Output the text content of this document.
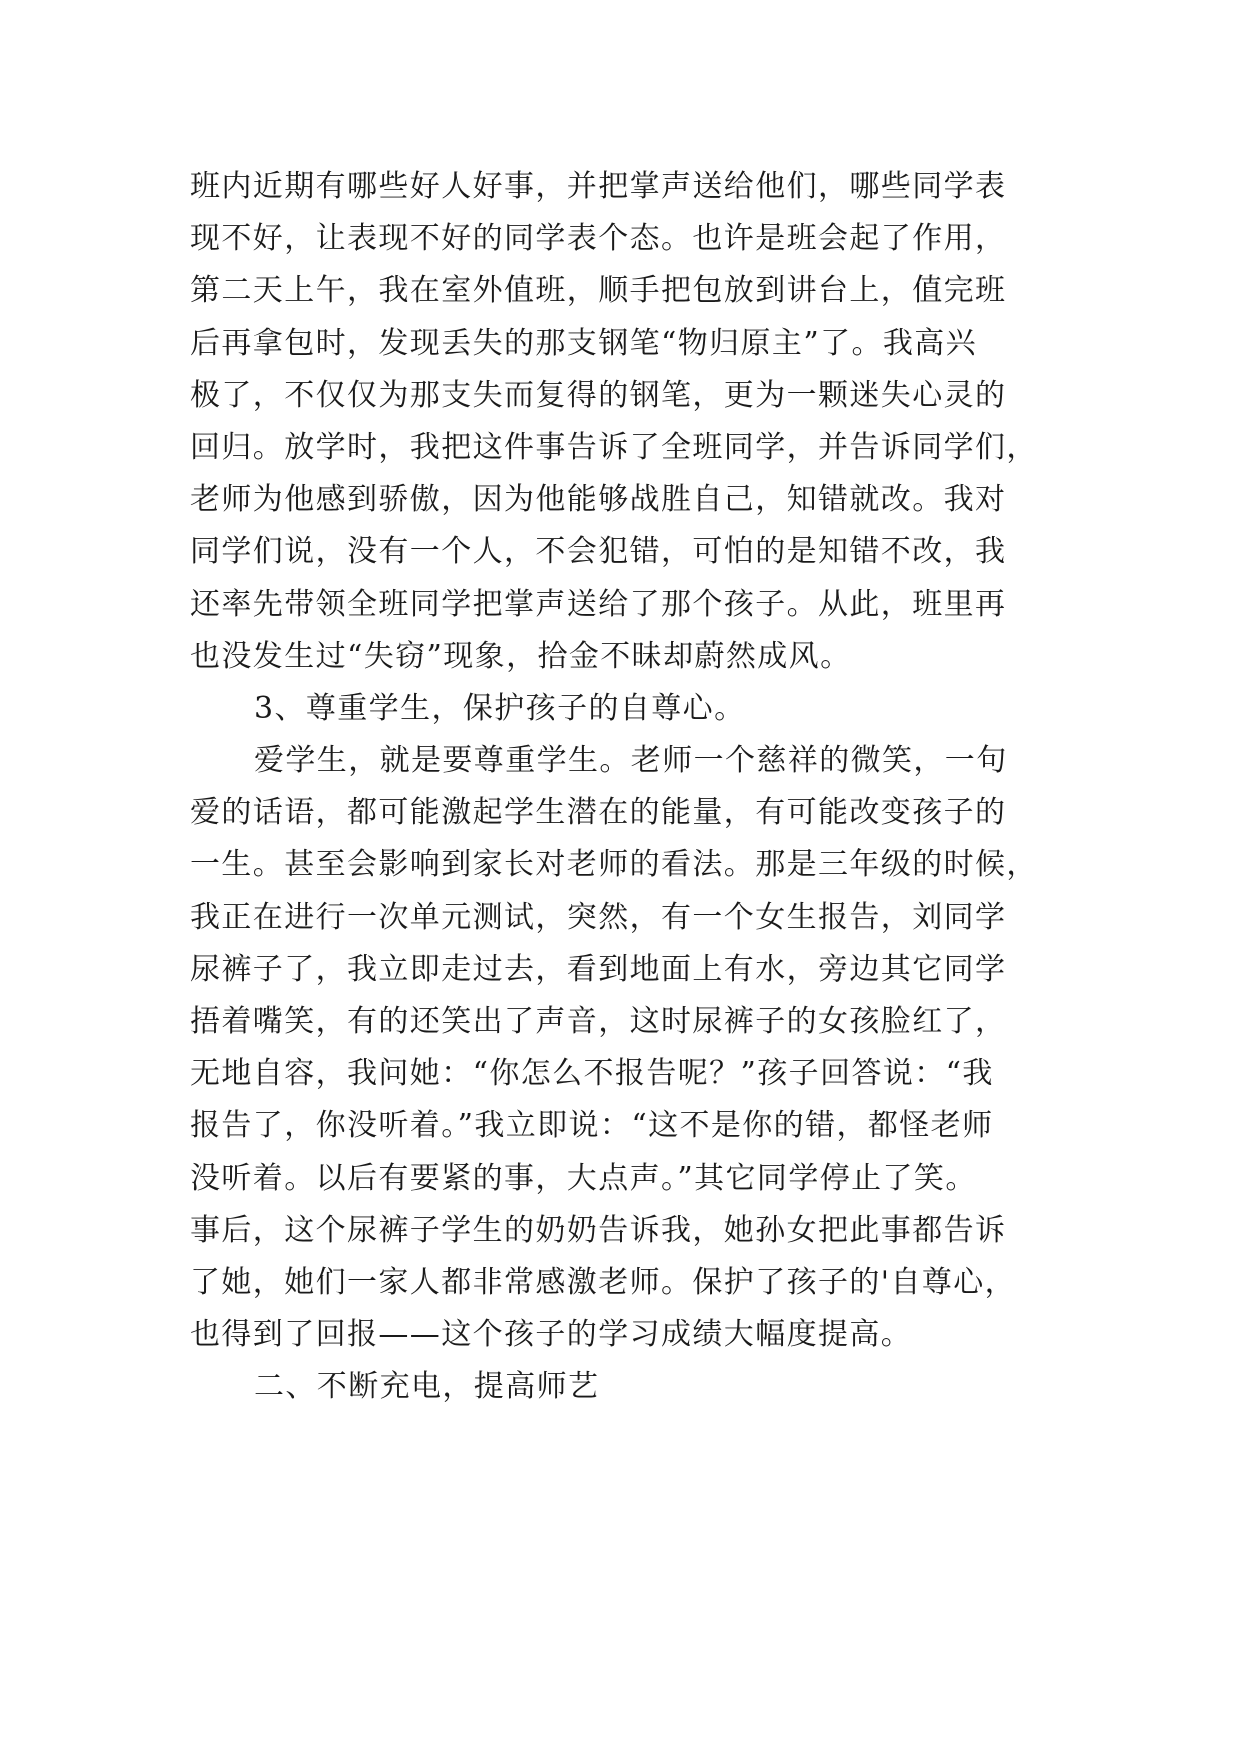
班内近期有哪些好人好事，并把掌声送给他们，哪些同学表
现不好，让表现不好的同学表个态。也许是班会起了作用，
第二天上午，我在室外值班，顺手把包放到讲台上，值完班
后再拿包时，发现丢失的那支钢笔“物归原主”了。我高兴
极了，不仅仅为那支失而复得的钢笔，更为一颗迷失心灵的
回归。放学时，我把这件事告诉了全班同学，并告诉同学们，
老师为他感到骄傲，因为他能够战胜自己，知错就改。我对
同学们说，没有一个人，不会犯错，可怕的是知错不改，我
还率先带领全班同学把掌声送给了那个孩子。从此，班里再
也没发生过“失窃”现象，拾金不昧却蔚然成风。
3、尊重学生，保护孩子的自尊心。
爱学生，就是要尊重学生。老师一个慈祥的微笑，一句
爱的话语，都可能激起学生潜在的能量，有可能改变孩子的
一生。甚至会影响到家长对老师的看法。那是三年级的时候，
我正在进行一次单元测试，突然，有一个女生报告，刘同学
尿裤子了，我立即走过去，看到地面上有水，旁边其它同学
捂着嘴笑，有的还笑出了声音，这时尿裤子的女孩脸红了，
无地自容，我问她：“你怎么不报告呢？”孩子回答说：“我
报告了，你没听着。”我立即说：“这不是你的错，都怪老师
没听着。以后有要紧的事，大点声。”其它同学停止了笑。
事后，这个尿裤子学生的奶奶告诉我，她孙女把此事都告诉
了她，她们一家人都非常感激老师。保护了孩子的'自尊心，
也得到了回报——这个孩子的学习成绩大幅度提高。
二、不断充电，提高师艺
